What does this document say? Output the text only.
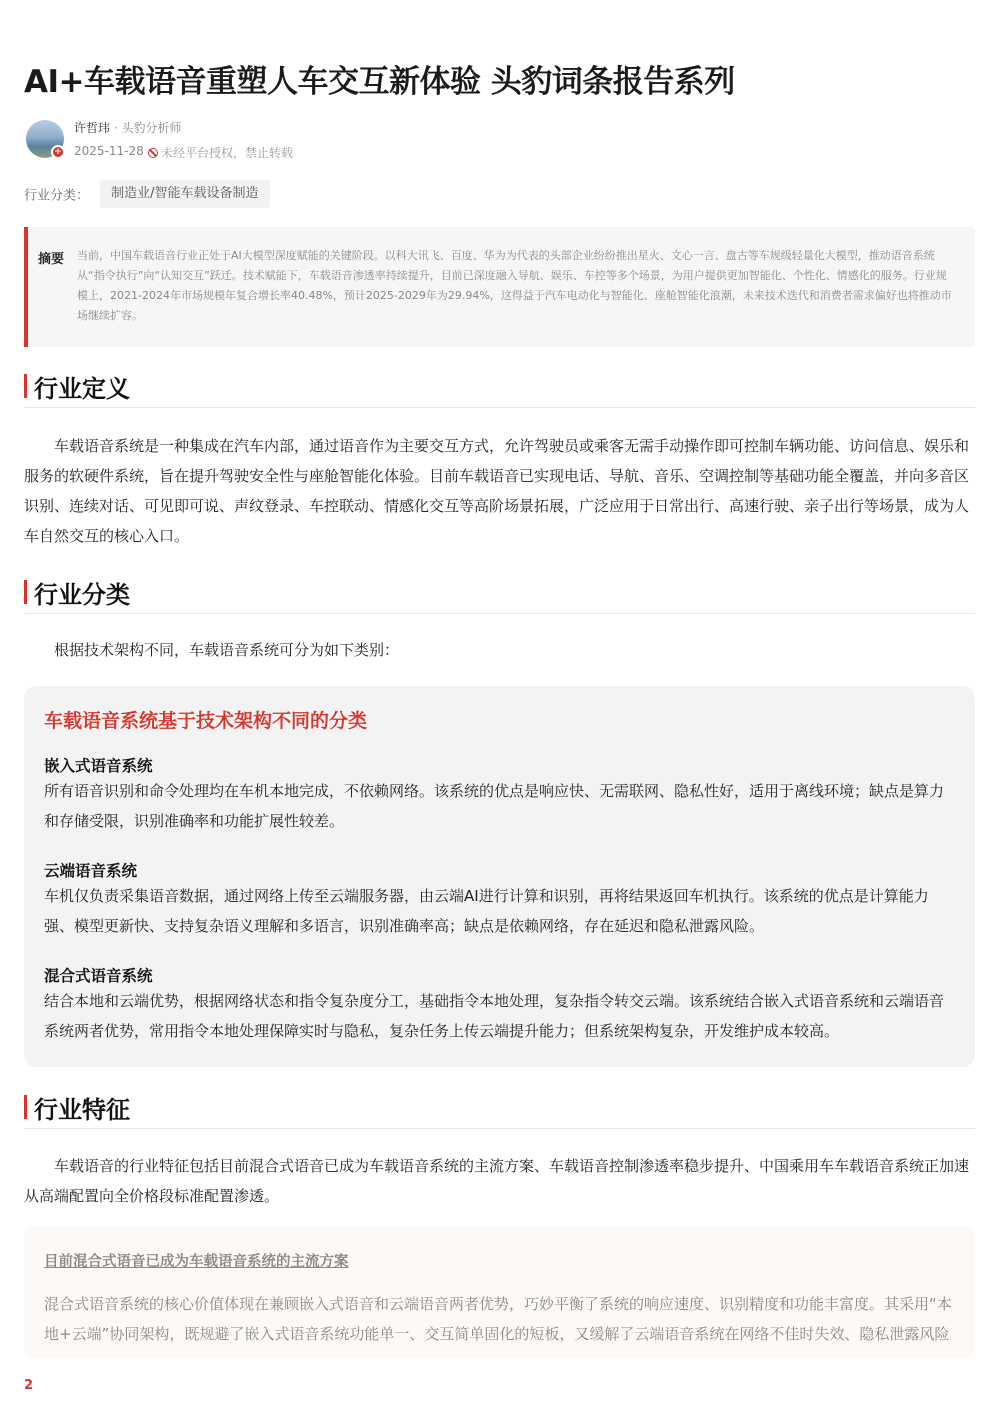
AI+车载语音重塑人车交互新体验 头豹词条报告系列
+
许哲玮 · 头豹分析师
2025-11-28	未经平台授权，禁止转载
行业分类： 制造业/智能车载设备制造
摘要 当前，中国车载语音行业正处于AI大模型深度赋能的关键阶段。以科大讯飞、百度、华为为代表的头部企业纷纷推出星火、文心一言、盘古等车规级轻量化大模型，推动语音系统从“指令执行”向“认知交互”跃迁。技术赋能下，车载语音渗透率持续提升，目前已深度融入导航、娱乐、车控等多个场景，为用户提供更加智能化、个性化、情感化的服务。行业规模上，2021-2024年市场规模年复合增长率40.48%，预计2025-2029年为29.94%，这得益于汽车电动化与智能化、座舱智能化浪潮，未来技术迭代和消费者需求偏好也将推动市场继续扩容。
行业定义

车载语音系统是一种集成在汽车内部，通过语音作为主要交互方式，允许驾驶员或乘客无需手动操作即可控制车辆功能、访问信息、娱乐和服务的软硬件系统，旨在提升驾驶安全性与座舱智能化体验。目前车载语音已实现电话、导航、音乐、空调控制等基础功能全覆盖，并向多音区识别、连续对话、可见即可说、声纹登录、车控联动、情感化交互等高阶场景拓展，广泛应用于日常出行、高速行驶、亲子出行等场景，成为人车自然交互的核心入口。

行业分类

根据技术架构不同，车载语音系统可分为如下类别：

车载语音系统基于技术架构不同的分类
嵌入式语音系统
所有语音识别和命令处理均在车机本地完成，不依赖网络。该系统的优点是响应快、无需联网、隐私性好，适用于离线环境；缺点是算力和存储受限，识别准确率和功能扩展性较差。
云端语音系统
车机仅负责采集语音数据，通过网络上传至云端服务器，由云端AI进行计算和识别，再将结果返回车机执行。该系统的优点是计算能力强、模型更新快、支持复杂语义理解和多语言，识别准确率高；缺点是依赖网络，存在延迟和隐私泄露风险。
混合式语音系统
结合本地和云端优势，根据网络状态和指令复杂度分工，基础指令本地处理，复杂指令转交云端。该系统结合嵌入式语音系统和云端语音系统两者优势，常用指令本地处理保障实时与隐私，复杂任务上传云端提升能力；但系统架构复杂，开发维护成本较高。
行业特征

车载语音的行业特征包括目前混合式语音已成为车载语音系统的主流方案、车载语音控制渗透率稳步提升、中国乘用车车载语音系统正加速从高端配置向全价格段标准配置渗透。

目前混合式语音已成为车载语音系统的主流方案
混合式语音系统的核心价值体现在兼顾嵌入式语音和云端语音两者优势，巧妙平衡了系统的响应速度、识别精度和功能丰富度。其采用“本地+云端”协同架构，既规避了嵌入式语音系统功能单一、交互简单固化的短板，又缓解了云端语音系统在网络不佳时失效、隐私泄露风险
2
